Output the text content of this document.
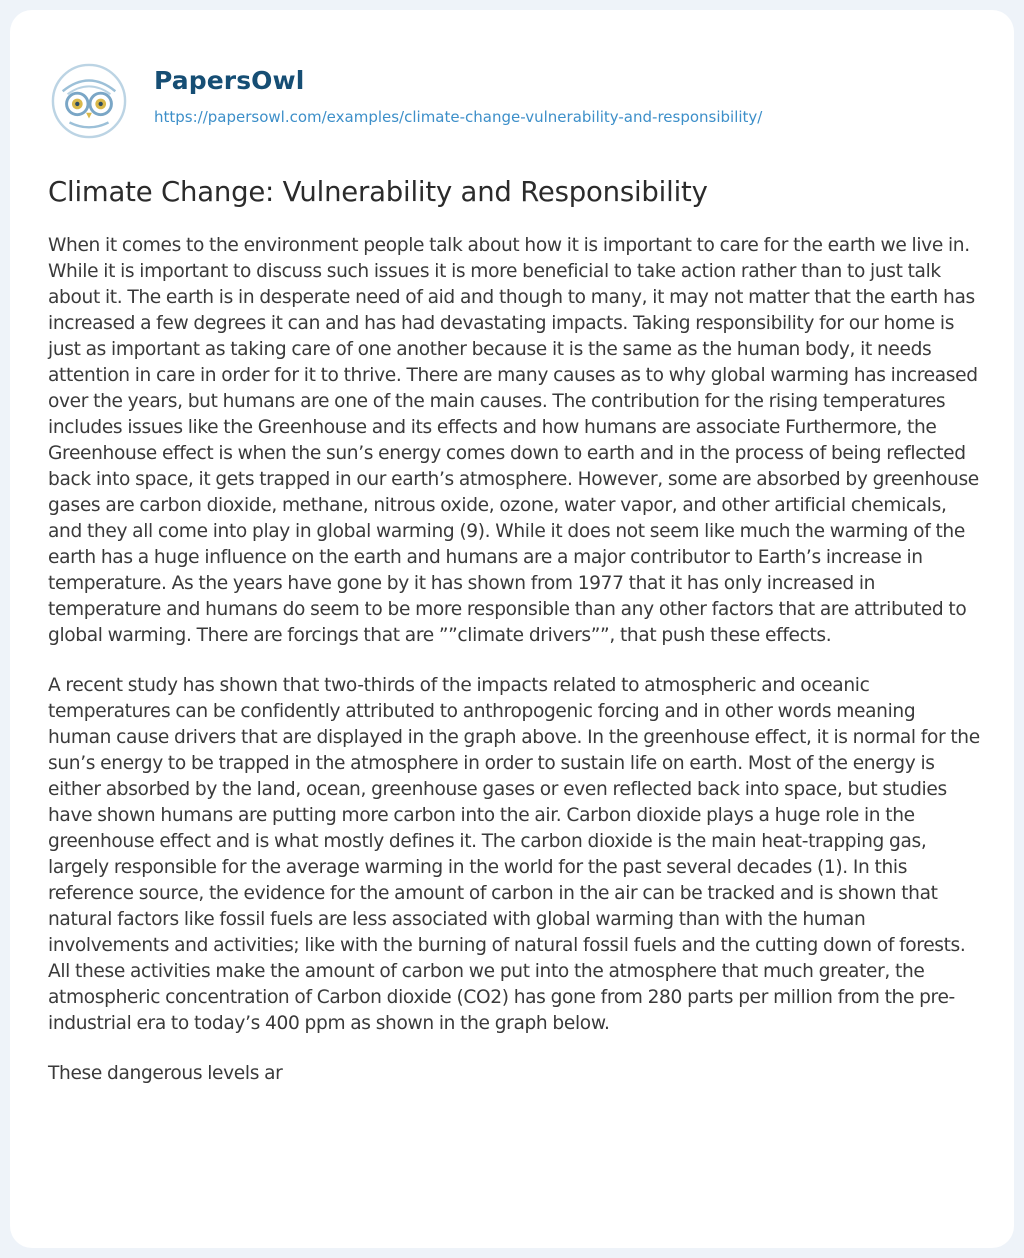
PapersOwl
https://papersowl.com/examples/climate-change-vulnerability-and-responsibility/
Climate Change: Vulnerability and Responsibility

When it comes to the environment people talk about how it is important to care for the earth we live in. While it is important to discuss such issues it is more beneficial to take action rather than to just talk about it. The earth is in desperate need of aid and though to many, it may not matter that the earth has increased a few degrees it can and has had devastating impacts. Taking responsibility for our home is just as important as taking care of one another because it is the same as the human body, it needs attention in care in order for it to thrive. There are many causes as to why global warming has increased over the years, but humans are one of the main causes. The contribution for the rising temperatures includes issues like the Greenhouse and its effects and how humans are associate Furthermore, the Greenhouse effect is when the sun’s energy comes down to earth and in the process of being reflected back into space, it gets trapped in our earth’s atmosphere. However, some are absorbed by greenhouse gases are carbon dioxide, methane, nitrous oxide, ozone, water vapor, and other artificial chemicals, and they all come into play in global warming (9). While it does not seem like much the warming of the earth has a huge influence on the earth and humans are a major contributor to Earth’s increase in temperature. As the years have gone by it has shown from 1977 that it has only increased in temperature and humans do seem to be more responsible than any other factors that are attributed to global warming. There are forcings that are ””climate drivers””, that push these effects.

A recent study has shown that two-thirds of the impacts related to atmospheric and oceanic temperatures can be confidently attributed to anthropogenic forcing and in other words meaning human cause drivers that are displayed in the graph above. In the greenhouse effect, it is normal for the sun’s energy to be trapped in the atmosphere in order to sustain life on earth. Most of the energy is either absorbed by the land, ocean, greenhouse gases or even reflected back into space, but studies have shown humans are putting more carbon into the air. Carbon dioxide plays a huge role in the greenhouse effect and is what mostly defines it. The carbon dioxide is the main heat-trapping gas, largely responsible for the average warming in the world for the past several decades (1). In this reference source, the evidence for the amount of carbon in the air can be tracked and is shown that natural factors like fossil fuels are less associated with global warming than with the human involvements and activities; like with the burning of natural fossil fuels and the cutting down of forests. All these activities make the amount of carbon we put into the atmosphere that much greater, the atmospheric concentration of Carbon dioxide (CO2) has gone from 280 parts per million from the pre-industrial era to today’s 400 ppm as shown in the graph below.

These dangerous levels ar
